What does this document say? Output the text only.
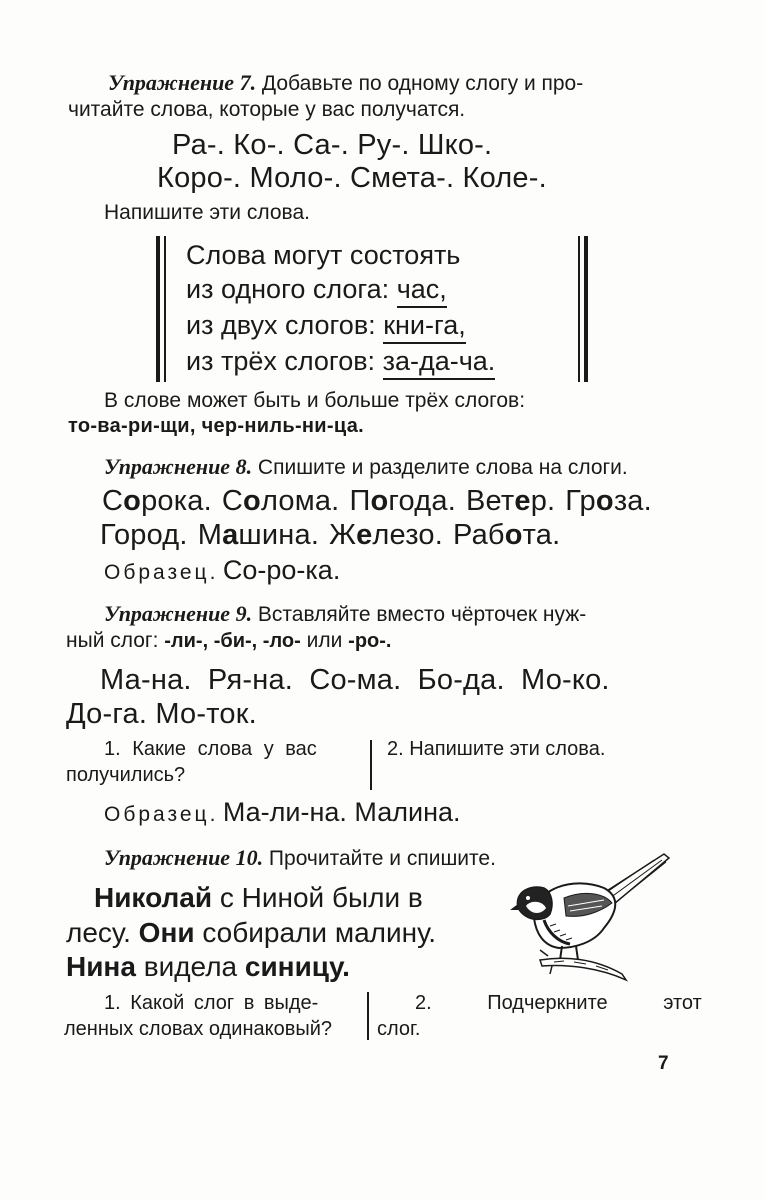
Упражнение 7. Добавьте по одному слогу и про-
читайте слова, которые у вас получатся.
Ра-. Ко-. Са-. Ру-. Шко-.
Коро-. Моло-. Смета-. Коле-.
Напишите эти слова.
Слова могут состоять
из одного слога: час,
из двух слогов: кни-га,
из трёх слогов: за-да-ча.
В слове может быть и больше трёх слогов:
то-ва-ри-щи, чер-ниль-ни-ца.
Упражнение 8. Спишите и разделите слова на слоги.
Сорока. Солома. Погода. Ветер. Гроза.
Город. Машина. Железо. Работа.
Образец. Со-ро-ка.
Упражнение 9. Вставляйте вместо чёрточек нуж-
ный слог: -ли-, -би-, -ло- или -ро-.
Ма-на. Ря-на. Со-ма. Бо-да. Мо-ко.
До-га. Мо-ток.
1. Какие слова у вас
получились?
2. Напишите эти слова.
Образец. Ма-ли-на. Малина.
Упражнение 10. Прочитайте и спишите.
Николай с Ниной были в
лесу. Они собирали малину.
Нина видела синицу.
1. Какой слог в выде-
ленных словах одинаковый?
2. Подчеркните этот
слог.
7
